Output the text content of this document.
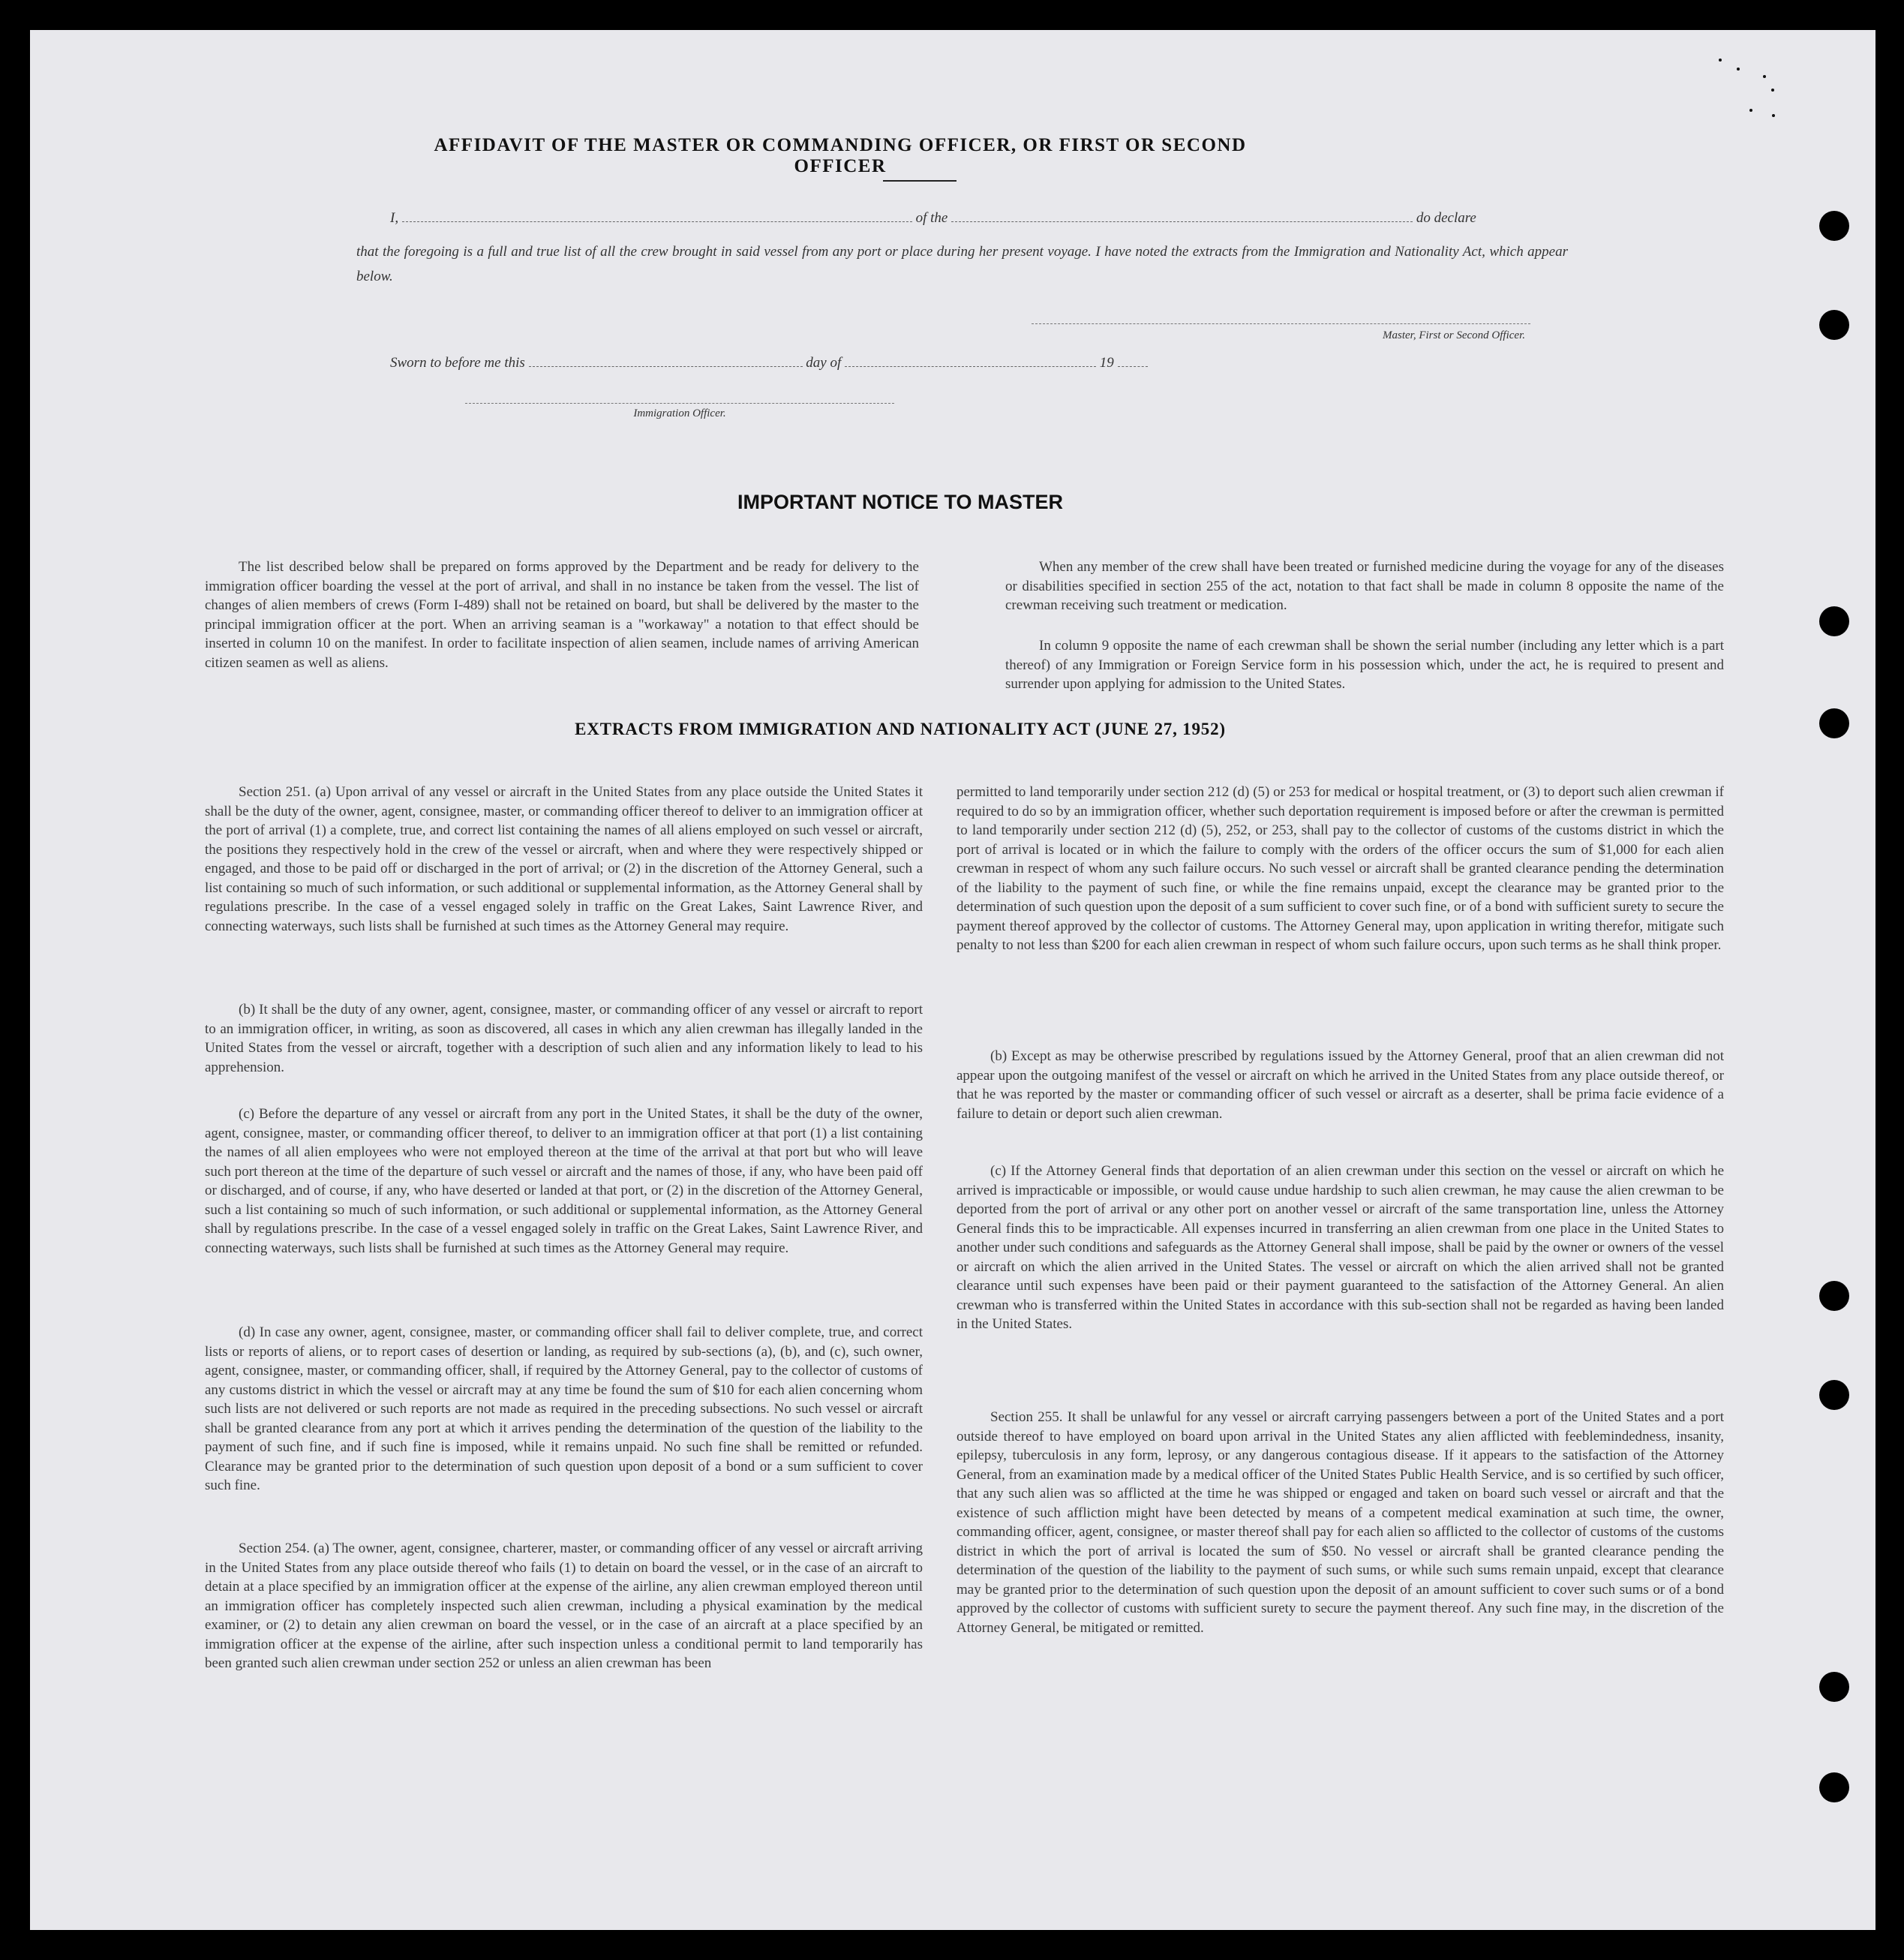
AFFIDAVIT OF THE MASTER OR COMMANDING OFFICER, OR FIRST OR SECOND OFFICER
I,	of the	do declare
that the foregoing is a full and true list of all the crew brought in said vessel from any port or place during her present voyage. I have noted the extracts from the Immigration and Nationality Act, which appear below.
Master, First or Second Officer.
Sworn to before me this	day of	19
Immigration Officer.
IMPORTANT NOTICE TO MASTER

The list described below shall be prepared on forms approved by the Department and be ready for delivery to the immigration officer boarding the vessel at the port of arrival, and shall in no instance be taken from the vessel. The list of changes of alien members of crews (Form I-489) shall not be retained on board, but shall be delivered by the master to the principal immigration officer at the port. When an arriving seaman is a "workaway" a notation to that effect should be inserted in column 10 on the manifest. In order to facilitate inspection of alien seamen, include names of arriving American citizen seamen as well as aliens.

When any member of the crew shall have been treated or furnished medicine during the voyage for any of the diseases or disabilities specified in section 255 of the act, notation to that fact shall be made in column 8 opposite the name of the crewman receiving such treatment or medication.

In column 9 opposite the name of each crewman shall be shown the serial number (including any letter which is a part thereof) of any Immigration or Foreign Service form in his possession which, under the act, he is required to present and surrender upon applying for admission to the United States.

EXTRACTS FROM IMMIGRATION AND NATIONALITY ACT (JUNE 27, 1952)

Section 251. (a) Upon arrival of any vessel or aircraft in the United States from any place outside the United States it shall be the duty of the owner, agent, consignee, master, or commanding officer thereof to deliver to an immigration officer at the port of arrival (1) a complete, true, and correct list containing the names of all aliens employed on such vessel or aircraft, the positions they respectively hold in the crew of the vessel or aircraft, when and where they were respectively shipped or engaged, and those to be paid off or discharged in the port of arrival; or (2) in the discretion of the Attorney General, such a list containing so much of such information, or such additional or supplemental information, as the Attorney General shall by regulations prescribe. In the case of a vessel engaged solely in traffic on the Great Lakes, Saint Lawrence River, and connecting waterways, such lists shall be furnished at such times as the Attorney General may require.

(b) It shall be the duty of any owner, agent, consignee, master, or commanding officer of any vessel or aircraft to report to an immigration officer, in writing, as soon as discovered, all cases in which any alien crewman has illegally landed in the United States from the vessel or aircraft, together with a description of such alien and any information likely to lead to his apprehension.

(c) Before the departure of any vessel or aircraft from any port in the United States, it shall be the duty of the owner, agent, consignee, master, or commanding officer thereof, to deliver to an immigration officer at that port (1) a list containing the names of all alien employees who were not employed thereon at the time of the arrival at that port but who will leave such port thereon at the time of the departure of such vessel or aircraft and the names of those, if any, who have been paid off or discharged, and of course, if any, who have deserted or landed at that port, or (2) in the discretion of the Attorney General, such a list containing so much of such information, or such additional or supplemental information, as the Attorney General shall by regulations prescribe. In the case of a vessel engaged solely in traffic on the Great Lakes, Saint Lawrence River, and connecting waterways, such lists shall be furnished at such times as the Attorney General may require.

(d) In case any owner, agent, consignee, master, or commanding officer shall fail to deliver complete, true, and correct lists or reports of aliens, or to report cases of desertion or landing, as required by sub-sections (a), (b), and (c), such owner, agent, consignee, master, or commanding officer, shall, if required by the Attorney General, pay to the collector of customs of any customs district in which the vessel or aircraft may at any time be found the sum of $10 for each alien concerning whom such lists are not delivered or such reports are not made as required in the preceding subsections. No such vessel or aircraft shall be granted clearance from any port at which it arrives pending the determination of the question of the liability to the payment of such fine, and if such fine is imposed, while it remains unpaid. No such fine shall be remitted or refunded. Clearance may be granted prior to the determination of such question upon deposit of a bond or a sum sufficient to cover such fine.

Section 254. (a) The owner, agent, consignee, charterer, master, or commanding officer of any vessel or aircraft arriving in the United States from any place outside thereof who fails (1) to detain on board the vessel, or in the case of an aircraft to detain at a place specified by an immigration officer at the expense of the airline, any alien crewman employed thereon until an immigration officer has completely inspected such alien crewman, including a physical examination by the medical examiner, or (2) to detain any alien crewman on board the vessel, or in the case of an aircraft at a place specified by an immigration officer at the expense of the airline, after such inspection unless a conditional permit to land temporarily has been granted such alien crewman under section 252 or unless an alien crewman has been

permitted to land temporarily under section 212 (d) (5) or 253 for medical or hospital treatment, or (3) to deport such alien crewman if required to do so by an immigration officer, whether such deportation requirement is imposed before or after the crewman is permitted to land temporarily under section 212 (d) (5), 252, or 253, shall pay to the collector of customs of the customs district in which the port of arrival is located or in which the failure to comply with the orders of the officer occurs the sum of $1,000 for each alien crewman in respect of whom any such failure occurs. No such vessel or aircraft shall be granted clearance pending the determination of the liability to the payment of such fine, or while the fine remains unpaid, except the clearance may be granted prior to the determination of such question upon the deposit of a sum sufficient to cover such fine, or of a bond with sufficient surety to secure the payment thereof approved by the collector of customs. The Attorney General may, upon application in writing therefor, mitigate such penalty to not less than $200 for each alien crewman in respect of whom such failure occurs, upon such terms as he shall think proper.

(b) Except as may be otherwise prescribed by regulations issued by the Attorney General, proof that an alien crewman did not appear upon the outgoing manifest of the vessel or aircraft on which he arrived in the United States from any place outside thereof, or that he was reported by the master or commanding officer of such vessel or aircraft as a deserter, shall be prima facie evidence of a failure to detain or deport such alien crewman.

(c) If the Attorney General finds that deportation of an alien crewman under this section on the vessel or aircraft on which he arrived is impracticable or impossible, or would cause undue hardship to such alien crewman, he may cause the alien crewman to be deported from the port of arrival or any other port on another vessel or aircraft of the same transportation line, unless the Attorney General finds this to be impracticable. All expenses incurred in transferring an alien crewman from one place in the United States to another under such conditions and safeguards as the Attorney General shall impose, shall be paid by the owner or owners of the vessel or aircraft on which the alien arrived in the United States. The vessel or aircraft on which the alien arrived shall not be granted clearance until such expenses have been paid or their payment guaranteed to the satisfaction of the Attorney General. An alien crewman who is transferred within the United States in accordance with this sub-section shall not be regarded as having been landed in the United States.

Section 255. It shall be unlawful for any vessel or aircraft carrying passengers between a port of the United States and a port outside thereof to have employed on board upon arrival in the United States any alien afflicted with feeblemindedness, insanity, epilepsy, tuberculosis in any form, leprosy, or any dangerous contagious disease. If it appears to the satisfaction of the Attorney General, from an examination made by a medical officer of the United States Public Health Service, and is so certified by such officer, that any such alien was so afflicted at the time he was shipped or engaged and taken on board such vessel or aircraft and that the existence of such affliction might have been detected by means of a competent medical examination at such time, the owner, commanding officer, agent, consignee, or master thereof shall pay for each alien so afflicted to the collector of customs of the customs district in which the port of arrival is located the sum of $50. No vessel or aircraft shall be granted clearance pending the determination of the question of the liability to the payment of such sums, or while such sums remain unpaid, except that clearance may be granted prior to the determination of such question upon the deposit of an amount sufficient to cover such sums or of a bond approved by the collector of customs with sufficient surety to secure the payment thereof. Any such fine may, in the discretion of the Attorney General, be mitigated or remitted.
